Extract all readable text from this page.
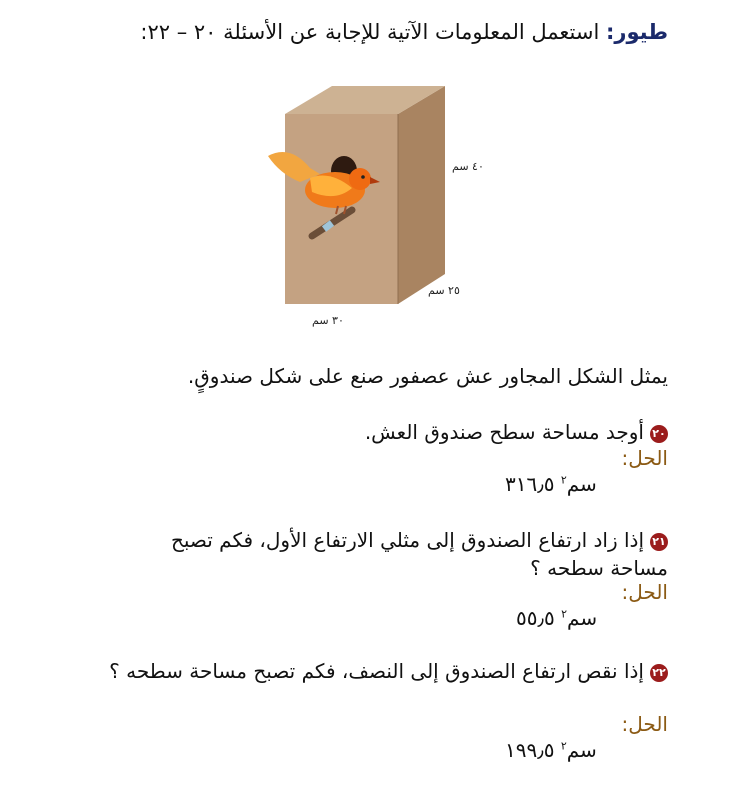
طيور: استعمل المعلومات الآتية للإجابة عن الأسئلة ٢٠ – ٢٢:
٤٠ سم
٢٥ سم
٣٠ سم
يمثل الشكل المجاور عش عصفور صنع على شكل صندوقٍ.
٢٠أوجد مساحة سطح صندوق العش.
الحل:
سم$^٢$ ٣١٦٫٥
٢١إذا زاد ارتفاع الصندوق إلى مثلي الارتفاع الأول، فكم تصبح مساحة سطحه ؟
الحل:
سم$^٢$ ٥٥٫٥
٢٢إذا نقص ارتفاع الصندوق إلى النصف، فكم تصبح مساحة سطحه ؟
الحل:
سم$^٢$ ١٩٩٫٥
